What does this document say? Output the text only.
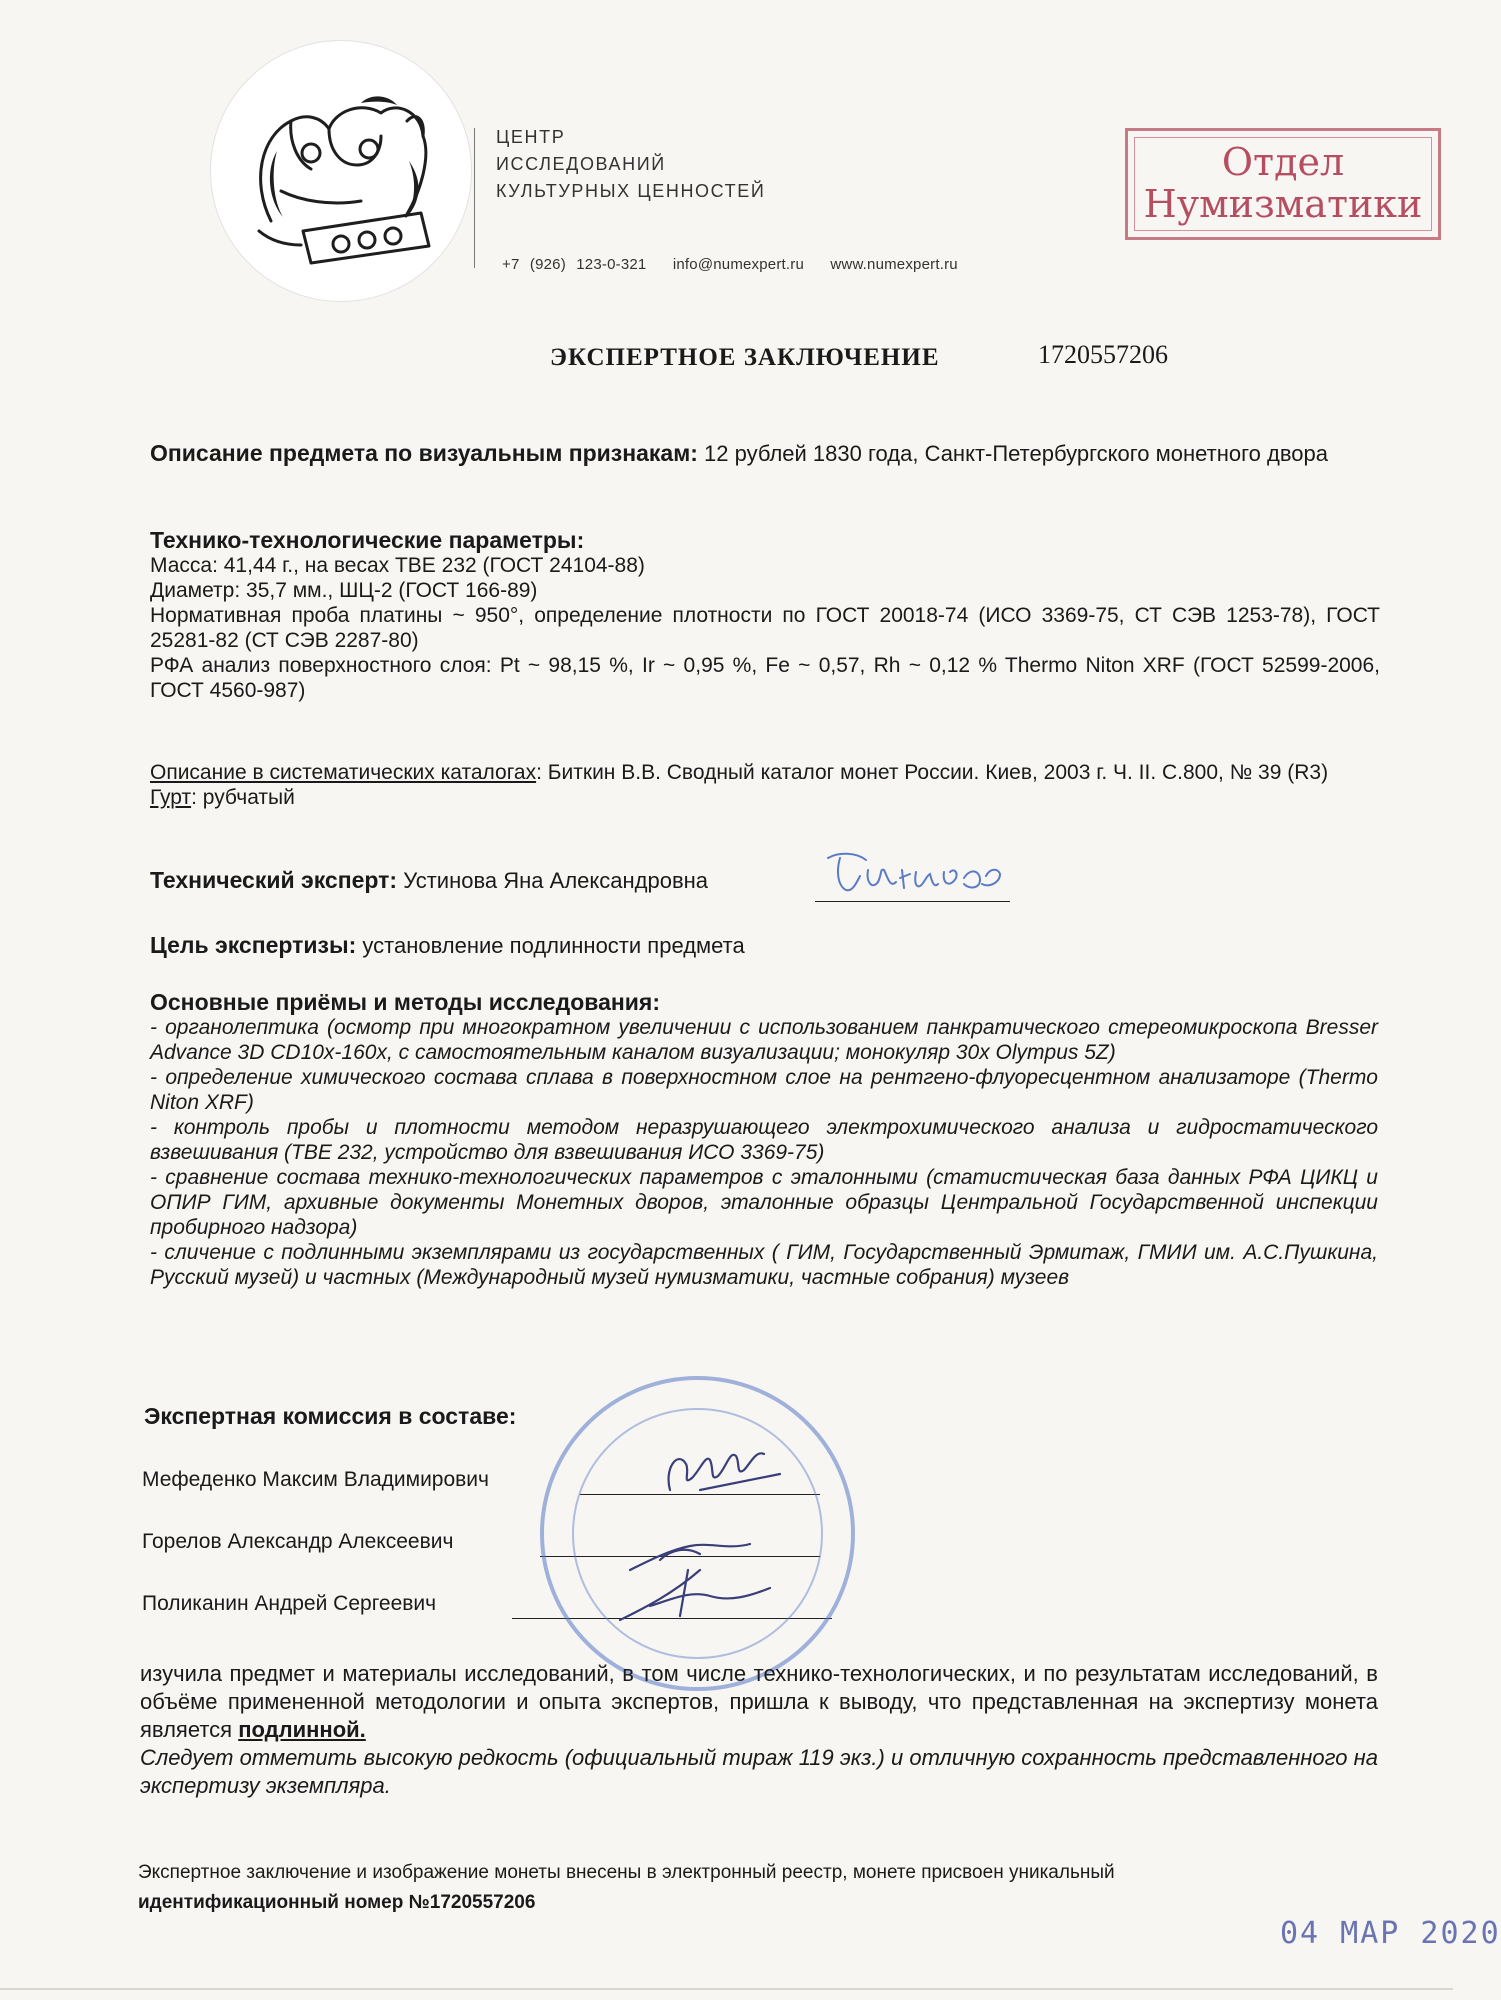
ЦЕНТР
ИССЛЕДОВАНИЙ
КУЛЬТУРНЫХ ЦЕННОСТЕЙ
+7 (926) 123-0-321 info@numexpert.ru www.numexpert.ru
Отдел
Нумизматики
ЭКСПЕРТНОЕ ЗАКЛЮЧЕНИЕ	1720557206
Описание предмета по визуальным признакам: 12 рублей 1830 года, Санкт-Петербургского монетного двора
Технико-технологические параметры:
Масса: 41,44 г., на весах ТВЕ 232 (ГОСТ 24104-88)
Диаметр: 35,7 мм., ШЦ-2 (ГОСТ 166-89)
Нормативная проба платины ~ 950°, определение плотности по ГОСТ 20018-74 (ИСО 3369-75, СТ СЭВ 1253-78), ГОСТ 25281-82 (СТ СЭВ 2287-80)
РФА анализ поверхностного слоя: Pt ~ 98,15 %, Ir ~ 0,95 %, Fe ~ 0,57, Rh ~ 0,12 % Thermo Niton XRF (ГОСТ 52599-2006, ГОСТ 4560-987)
Описание в систематических каталогах: Биткин В.В. Сводный каталог монет России. Киев, 2003 г. Ч. II. С.800, № 39 (R3)
Гурт: рубчатый
Технический эксперт: Устинова Яна Александровна
Цель экспертизы: установление подлинности предмета
Основные приёмы и методы исследования:
- органолептика (осмотр при многократном увеличении с использованием панкратического стереомикроскопа Bresser Advance 3D CD10x-160x, с самостоятельным каналом визуализации; монокуляр 30x Olympus 5Z)
- определение химического состава сплава в поверхностном слое на рентгено-флуоресцентном анализаторе (Thermo Niton XRF)
- контроль пробы и плотности методом неразрушающего электрохимического анализа и гидростатического взвешивания (ТВЕ 232, устройство для взвешивания ИСО 3369-75)
- сравнение состава технико-технологических параметров с эталонными (статистическая база данных РФА ЦИКЦ и ОПИР ГИМ, архивные документы Монетных дворов, эталонные образцы Центральной Государственной инспекции пробирного надзора)
- сличение с подлинными экземплярами из государственных ( ГИМ, Государственный Эрмитаж, ГМИИ им. А.С.Пушкина, Русский музей) и частных (Международный музей нумизматики, частные собрания) музеев
Экспертная комиссия в составе:
Мефеденко Максим Владимирович
Горелов Александр Алексеевич
Поликанин Андрей Сергеевич
изучила предмет и материалы исследований, в том числе технико-технологических, и по результатам исследований, в объёме примененной методологии и опыта экспертов, пришла к выводу, что представленная на экспертизу монета является подлинной.
Следует отметить высокую редкость (официальный тираж 119 экз.) и отличную сохранность представленного на экспертизу экземпляра.
Экспертное заключение и изображение монеты внесены в электронный реестр, монете присвоен уникальный
идентификационный номер №1720557206
04 МАР 2020
